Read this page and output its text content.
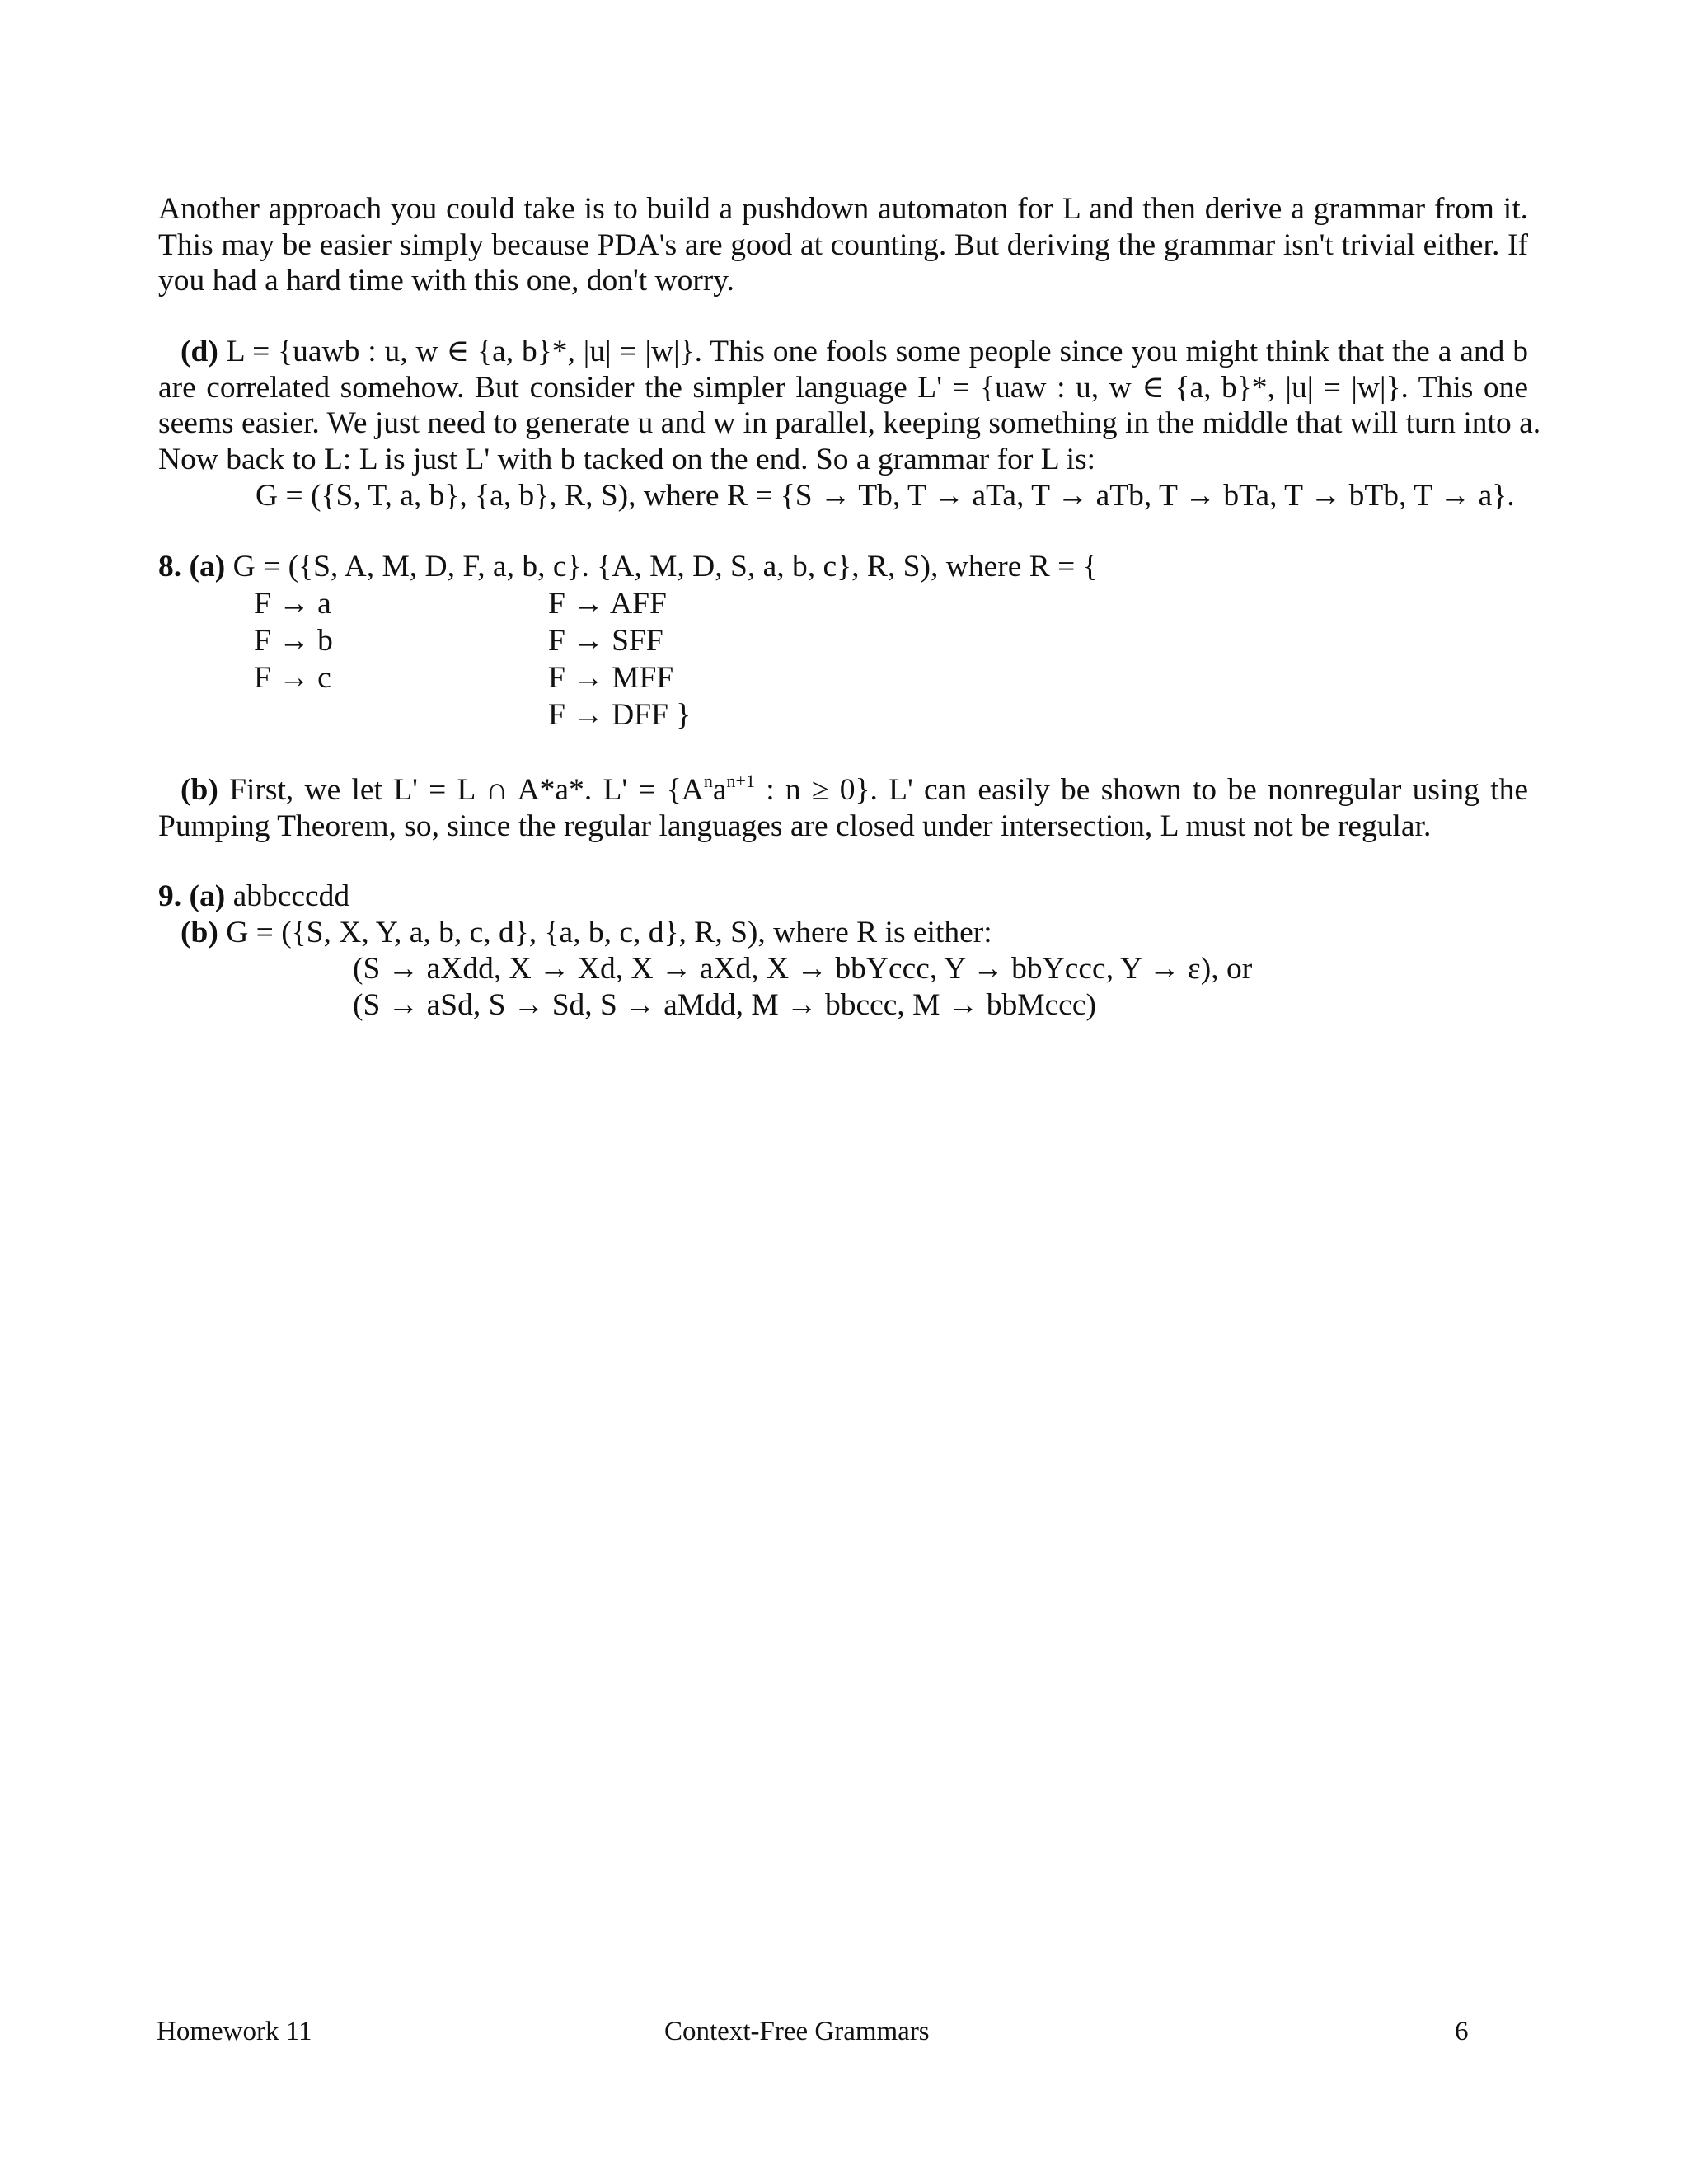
Another approach you could take is to build a pushdown automaton for L and then derive a grammar from it.
This may be easier simply because PDA's are good at counting. But deriving the grammar isn't trivial either. If
you had a hard time with this one, don't worry.
(d) L = {uawb : u, w ∈ {a, b}*, |u| = |w|}. This one fools some people since you might think that the a and b
are correlated somehow. But consider the simpler language L' = {uaw : u, w ∈ {a, b}*, |u| = |w|}. This one
seems easier. We just need to generate u and w in parallel, keeping something in the middle that will turn into a.
Now back to L: L is just L' with b tacked on the end. So a grammar for L is:
G = ({S, T, a, b}, {a, b}, R, S), where R = {S → Tb, T → aTa, T → aTb, T → bTa, T → bTb, T → a}.
8. (a) G = ({S, A, M, D, F, a, b, c}. {A, M, D, S, a, b, c}, R, S), where R = {
F → a
F → b
F → c
F → AFF
F → SFF
F → MFF
F → DFF }
(b) First, we let L' = L ∩ A*a*. $L' = \{A^na^{n+1}$ : n ≥ 0}. L' can easily be shown to be nonregular using the
Pumping Theorem, so, since the regular languages are closed under intersection, L must not be regular.
9. (a) abbcccdd
(b) G = ({S, X, Y, a, b, c, d}, {a, b, c, d}, R, S), where R is either:
(S → aXdd, X → Xd, X → aXd, X → bbYccc, Y → bbYccc, Y → ε), or
(S → aSd, S → Sd, S → aMdd, M → bbccc, M → bbMccc)
Homework 11	Context-Free Grammars	6
